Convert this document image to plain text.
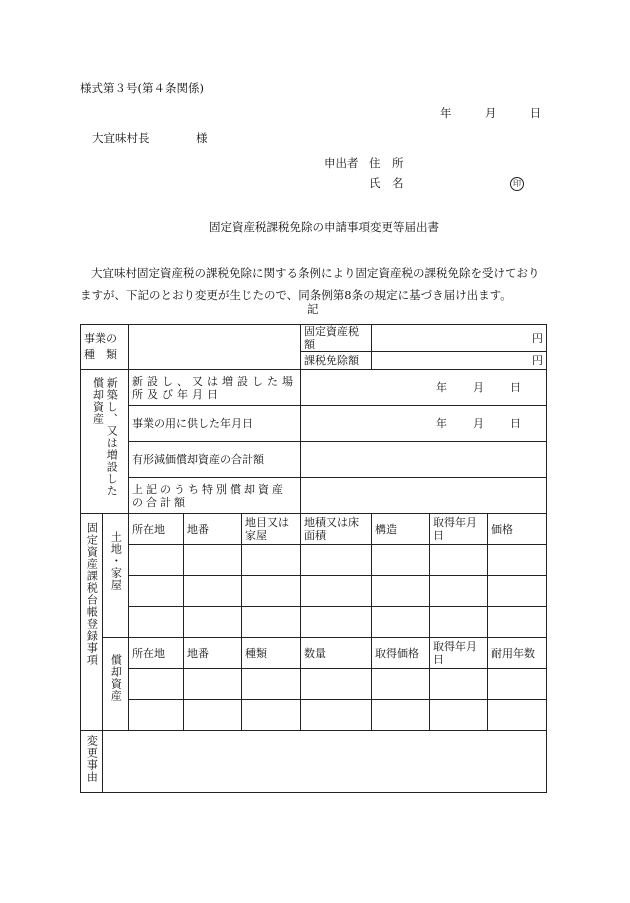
様式第３号(第４条関係)
年	月	日
大宜味村長	様
申出者 住　所
氏　名	印
固定資産税課税免除の申請事項変更等届出書
大宜味村固定資産税の課税免除に関する条例により固定資産税の課税免除を受けておりますが、下記のとおり変更が生じたので、同条例第8条の規定に基づき届け出ます。
記
事業の種　類					固定資産税額	円		

課税免除額	円		

新築し、又は増設した償却資産		新設し、又は増設した場所及び年月日			年 月 日			

		事業の用に供した年月日			年 月 日			

		有形減価償却資産の合計額						

		上記のうち特別償却資産の合計額						

固定資産課税台帳登録事項	土地・家屋	所在地	地番	地目又は家屋	地積又は床面積	構造	取得年月日	価格

	償却資産	所在地	地番	種類	数量	取得価格	取得年月日	耐用年数

変更事由								
